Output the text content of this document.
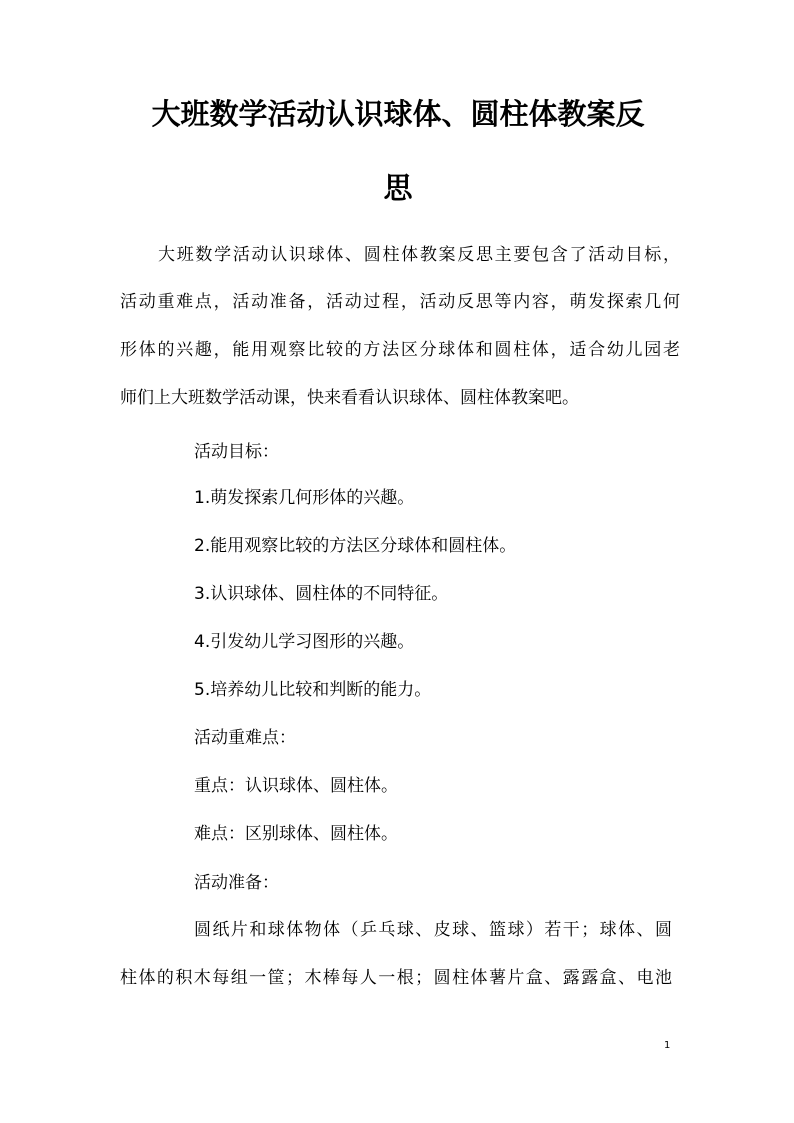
大班数学活动认识球体、圆柱体教案反
思

大班数学活动认识球体、圆柱体教案反思主要包含了活动目标，

活动重难点，活动准备，活动过程，活动反思等内容，萌发探索几何

形体的兴趣，能用观察比较的方法区分球体和圆柱体，适合幼儿园老

师们上大班数学活动课，快来看看认识球体、圆柱体教案吧。

活动目标：

1.萌发探索几何形体的兴趣。

2.能用观察比较的方法区分球体和圆柱体。

3.认识球体、圆柱体的不同特征。

4.引发幼儿学习图形的兴趣。

5.培养幼儿比较和判断的能力。

活动重难点：

重点：认识球体、圆柱体。

难点：区别球体、圆柱体。

活动准备：

圆纸片和球体物体（乒乓球、皮球、篮球）若干；球体、圆

柱体的积木每组一筐；木棒每人一根；圆柱体薯片盒、露露盒、电池

1
